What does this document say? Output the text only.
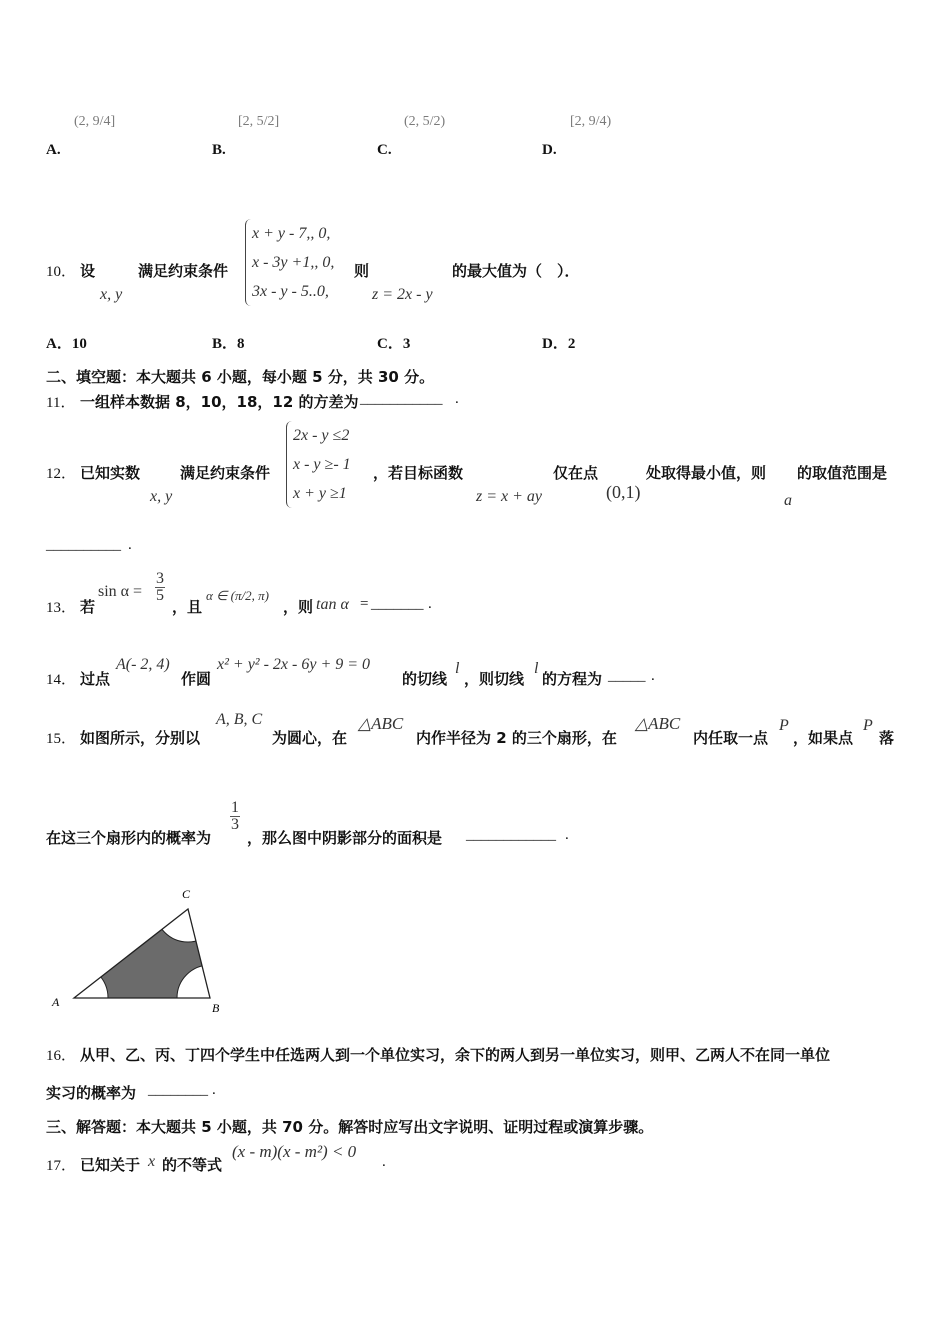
(2, 9/4]	[2, 5/2]	(2, 5/2)	[2, 9/4)
A.	B.	C.	D.
10． 设
x, y
满足约束条件
x + y - 7,, 0,
x - 3y +1,, 0,
3x - y - 5..0,
则
z = 2x - y
的最大值为（　）．
A．10	B．8	C．3	D．2
二、填空题：本大题共 6 小题，每小题 5 分，共 30 分。
11． 一组样本数据 8，10，18，12 的方差为 ___________ .
12． 已知实数
x, y
满足约束条件
2x - y ≤2
x - y ≥- 1
x + y ≥1
，若目标函数
z = x + ay
仅在点
(0,1)
处取得最小值，则
a
的取值范围是
__________ .
13． 若
$\sin \alpha = \frac{3}{5}$
，且
α ∈ (π/2, π)
，则 tan α = _______ .
14． 过点
A(- 2, 4)
作圆
x² + y² - 2x - 6y + 9 = 0
的切线
l
，则切线
l
的方程为 _____ .
15． 如图所示，分别以
A, B, C
为圆心，在
△ABC
内作半径为 2 的三个扇形，在
△ABC
内任取一点
P
，如果点
P
落
在这三个扇形内的概率为
$\frac{1}{3}$
，那么图中阴影部分的面积是 ____________ .
A	B
C
16． 从甲、乙、丙、丁四个学生中任选两人到一个单位实习，余下的两人到另一单位实习，则甲、乙两人不在同一单位
实习的概率为 ________ .
三、解答题：本大题共 5 小题，共 70 分。解答时应写出文字说明、证明过程或演算步骤。
17． 已知关于 x 的不等式
(x - m)(x - m²) < 0
.
